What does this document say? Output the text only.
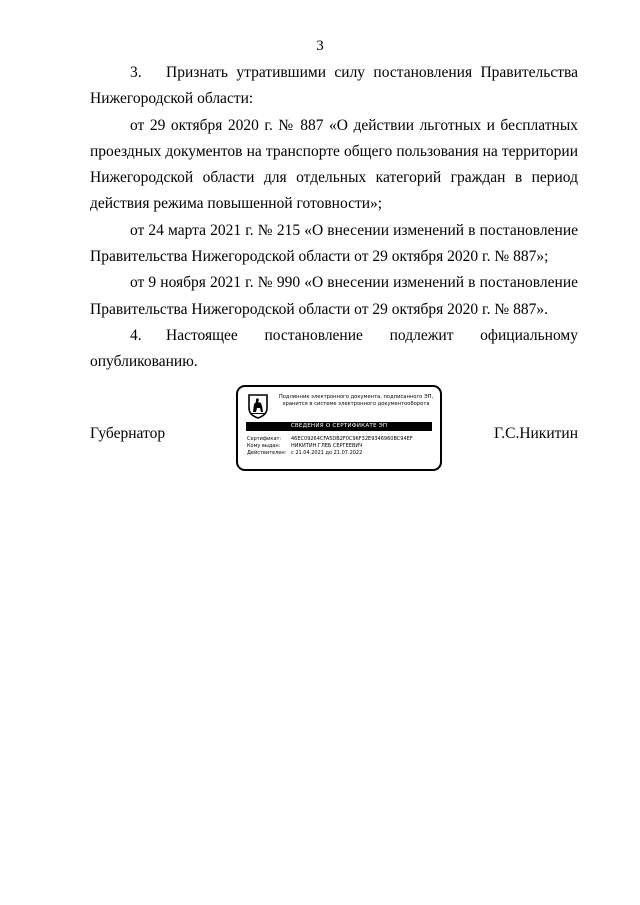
3

3. Признать утратившими силу постановления Правительства Нижегородской области:

от 29 октября 2020 г. № 887 «О действии льготных и бесплатных проездных документов на транспорте общего пользования на территории Нижегородской области для отдельных категорий граждан в период действия режима повышенной готовности»;

от 24 марта 2021 г. № 215 «О внесении изменений в постановление Правительства Нижегородской области от 29 октября 2020 г. № 887»;

от 9 ноября 2021 г. № 990 «О внесении изменений в постановление Правительства Нижегородской области от 29 октября 2020 г. № 887».

4. Настоящее постановление подлежит официальному опубликованию.

Губернатор	Г.С.Никитин
Подлинник электронного документа, подписанного ЭП,
хранится в системе электронного документооборота
СВЕДЕНИЯ О СЕРТИФИКАТЕ ЭП
Сертификат: 46EC09264CFA5DB2F0C96F32E9346960BC94EF
Кому выдан: НИКИТИН ГЛЕБ СЕРГЕЕВИЧ
Действителен: с 21.04.2021 до 21.07.2022
